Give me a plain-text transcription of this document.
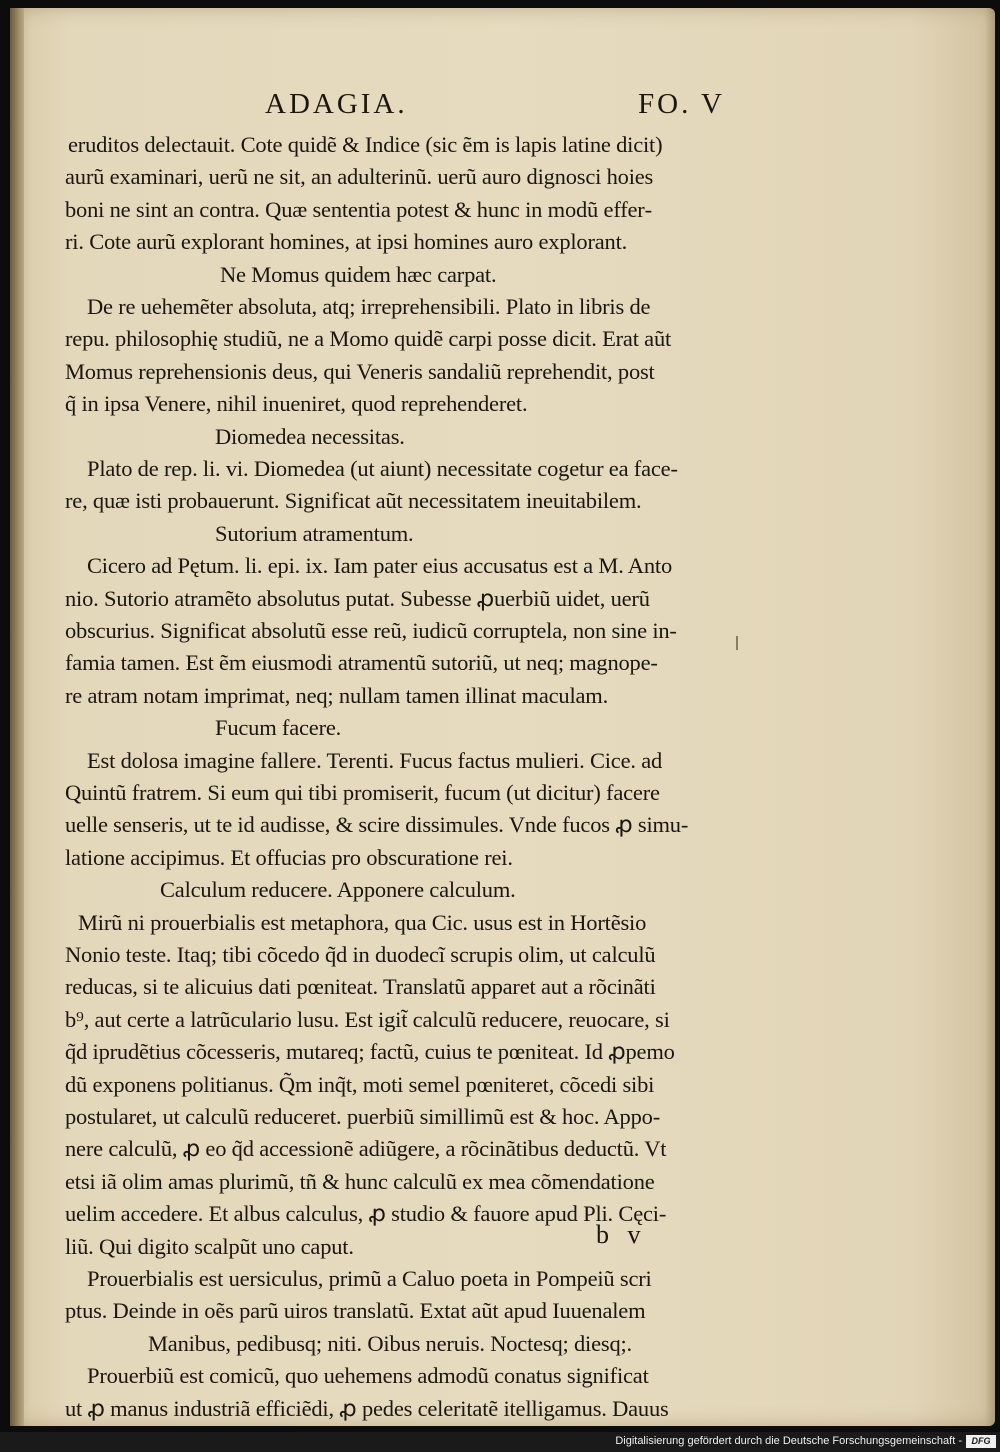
ADAGIA.	FO. V
eruditos delectauit. Cote quidẽ & Indice (sic ẽm is lapis latine dicit)
aurũ examinari, uerũ ne sit, an adulterinũ. uerũ auro dignosci hoies
boni ne sint an contra. Quæ sententia potest & hunc in modũ effer‑
ri. Cote aurũ explorant homines, at ipsi homines auro explorant.
Ne Momus quidem hæc carpat.
De re uehemẽter absoluta, atq; irreprehensibili. Plato in libris de
repu. philosophię studiũ, ne a Momo quidẽ carpi posse dicit. Erat aũt
Momus reprehensionis deus, qui Veneris sandaliũ reprehendit, post
q̃ in ipsa Venere, nihil inueniret, quod reprehenderet.
Diomedea necessitas.
Plato de rep. li. vi. Diomedea (ut aiunt) necessitate cogetur ea face‑
re, quæ isti probauerunt. Significat aũt necessitatem ineuitabilem.
Sutorium atramentum.
Cicero ad Pętum. li. epi. ix. Iam pater eius accusatus est a M. Anto
nio. Sutorio atramẽto absolutus putat. Subesse ꝓuerbiũ uidet, uerũ
obscurius. Significat absolutũ esse reũ, iudicũ corruptela, non sine in‑
famia tamen. Est ẽm eiusmodi atramentũ sutoriũ, ut neq; magnope‑
re atram notam imprimat, neq; nullam tamen illinat maculam.
Fucum facere.
Est dolosa imagine fallere. Terenti. Fucus factus mulieri. Cice. ad
Quintũ fratrem. Si eum qui tibi promiserit, fucum (ut dicitur) facere
uelle senseris, ut te id audisse, & scire dissimules. Vnde fucos ꝓ simu‑
latione accipimus. Et offucias pro obscuratione rei.
Calculum reducere. Apponere calculum.
Mirũ ni prouerbialis est metaphora, qua Cic. usus est in Hortẽsio
Nonio teste. Itaq; tibi cõcedo q̃d in duodecĩ scrupis olim, ut calculũ
reducas, si te alicuius dati pœniteat. Translatũ apparet aut a rõcinãti
b⁹, aut certe a latrũculario lusu. Est igit̃ calculũ reducere, reuocare, si
q̃d iprudẽtius cõcesseris, mutareq; factũ, cuius te pœniteat. Id ꝓpemo
dũ exponens politianus. Q̃m inq̃t, moti semel pœniteret, cõcedi sibi
postularet, ut calculũ reduceret. puerbiũ simillimũ est & hoc. Appo‑
nere calculũ, ꝓ eo q̃d accessionẽ adiũgere, a rõcinãtibus deductũ. Vt
etsi iã olim amas plurimũ, tñ & hunc calculũ ex mea cõmendatione
uelim accedere. Et albus calculus, ꝓ studio & fauore apud Pli. Cęci‑
liũ. Qui digito scalpũt uno caput.
Prouerbialis est uersiculus, primũ a Caluo poeta in Pompeiũ scri
ptus. Deinde in oẽs parũ uiros translatũ. Extat aũt apud Iuuenalem
Manibus, pedibusq; niti. Oibus neruis. Noctesq; diesq;.
Prouerbiũ est comicũ, quo uehemens admodũ conatus significat
ut ꝓ manus industriã efficiẽdi, ꝓ pedes celeritatẽ itelligamus. Dauus
b v
Digitalisierung gefördert durch die Deutsche Forschungsgemeinschaft -	DFG
